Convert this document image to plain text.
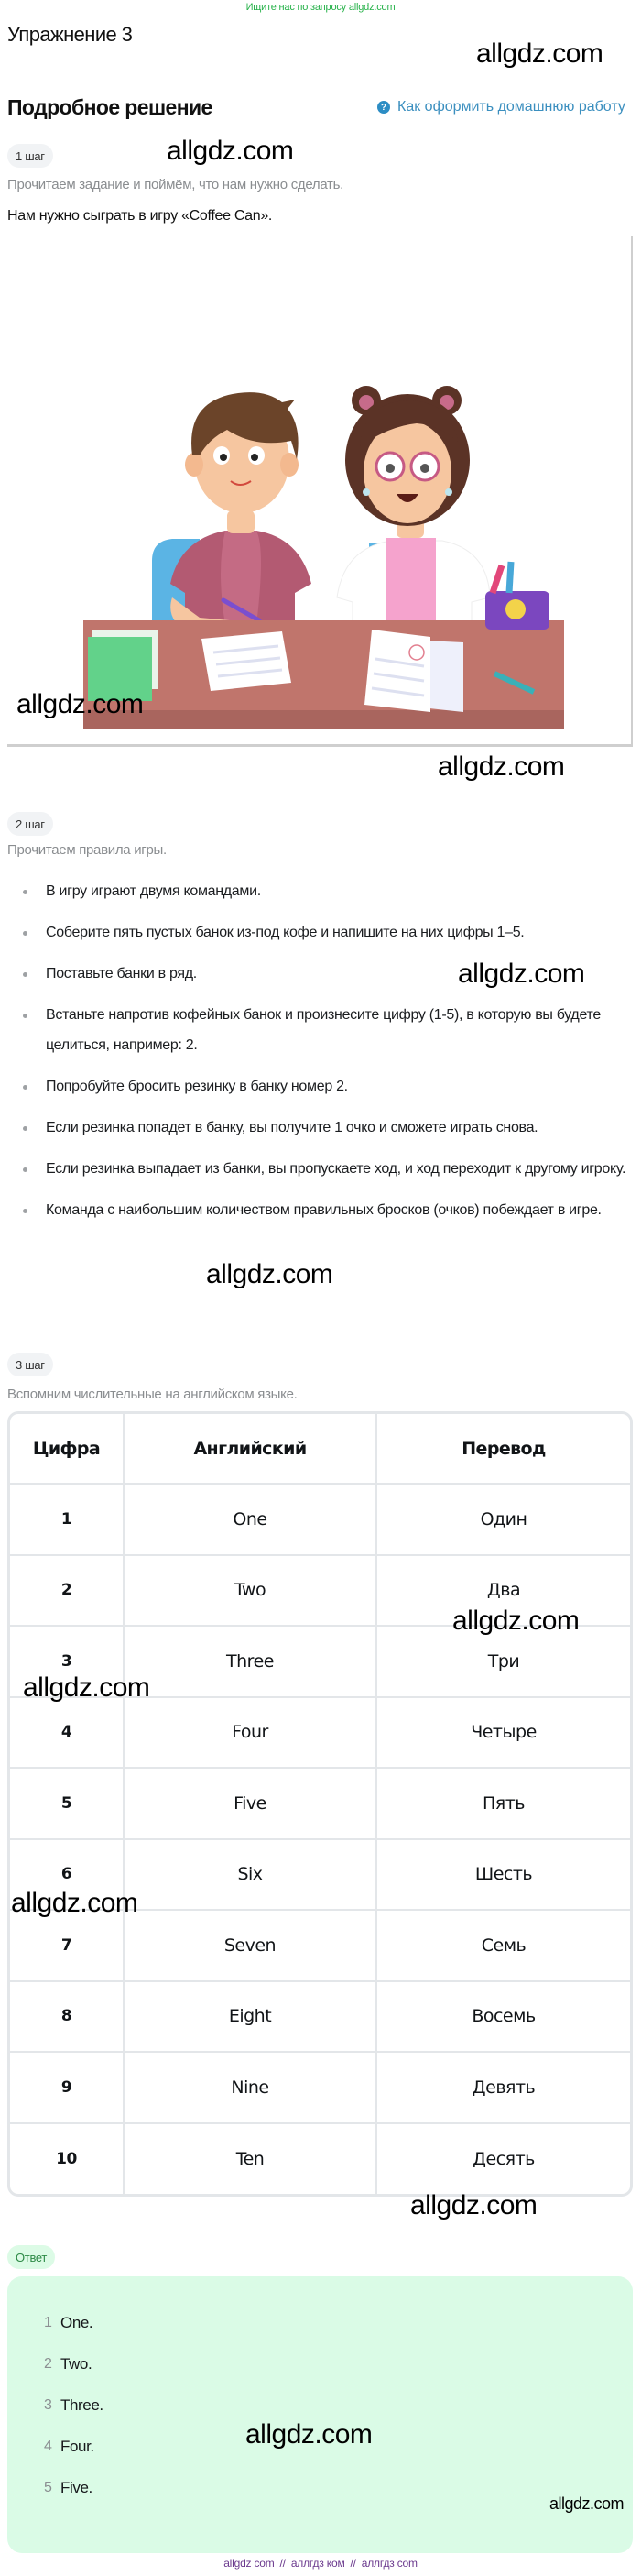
Ищите нас по запросу allgdz.com
Упражнение 3
allgdz.com
Подробное решение	? Как оформить домашнюю работу
1 шаг	allgdz.com
Прочитаем задание и поймём, что нам нужно сделать.
Нам нужно сыграть в игру «Coffee Can».
allgdz.com
allgdz.com
2 шаг
Прочитаем правила игры.
В игру играют двумя командами.
Соберите пять пустых банок из-под кофе и напишите на них цифры 1–5.
Поставьте банки в ряд.
Встаньте напротив кофейных банок и произнесите цифру (1-5), в которую вы будете целиться, например: 2.
Попробуйте бросить резинку в банку номер 2.
Если резинка попадет в банку, вы получите 1 очко и сможете играть снова.
Если резинка выпадает из банки, вы пропускаете ход, и ход переходит к другому игроку.
Команда с наибольшим количеством правильных бросков (очков) побеждает в игре.
allgdz.com
allgdz.com
3 шаг
Вспомним числительные на английском языке.
Цифра	Английский	Перевод
1	One	Один
2	Two	Два
3	Three	Три
4	Four	Четыре
5	Five	Пять
6	Six	Шесть
7	Seven	Семь
8	Eight	Восемь
9	Nine	Девять
10	Ten	Десять
allgdz.com
allgdz.com
allgdz.com
allgdz.com
Ответ
1 One.
2 Two.
3 Three.
4 Four.
5 Five.
allgdz.com
allgdz.com
allgdz com // аллгдз ком // аллгдз com
